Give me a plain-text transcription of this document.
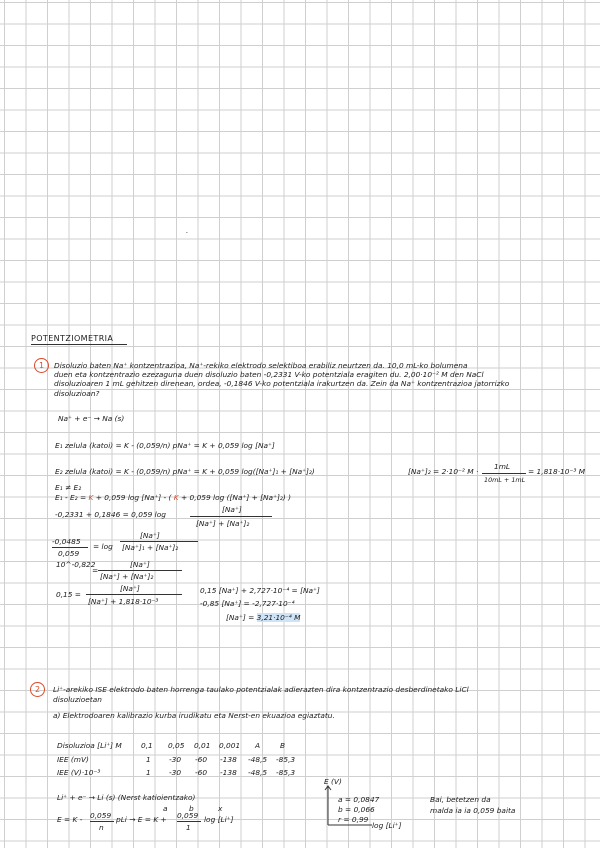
.
POTENTZIOMETRIA
1	Disoluzio baten Na⁺ kontzentrazioa, Na⁺-rekiko elektrodo selektiboa erabiliz neurtzen da. 10,0 mL-ko bolumena
duen eta kontzentrazio ezezaguna duen disoluzio baten -0,2331 V-ko potentziala eragiten du. 2,00·10⁻² M den NaCl
disoluzioaren 1 mL gehitzen direnean, ordea, -0,1846 V-ko potentziala irakurtzen da. Zein da Na⁺ kontzentrazioa jatorrizko
disoluzioan?
Na⁺ + e⁻ → Na (s)
E₁ zelula (katoi) = K - (0,059/n) pNa⁺ = K + 0,059 log [Na⁺]
E₂ zelula (katoi) = K - (0,059/n) pNa⁺ = K + 0,059 log([Na⁺]₁ + [Na⁺]₂)	[Na⁺]₂ = 2·10⁻² M ·
1mL
10mL + 1mL
= 1,818·10⁻³ M
E₁ ≠ E₂
E₁ - E₂ = K + 0,059 log [Na⁺] - ( K + 0,059 log ([Na⁺] + [Na⁺]₂) )
-0,2331 + 0,1846 = 0,059 log
[Na⁺]
[Na⁺] + [Na⁺]₂
-0,0485
0,059
= log
[Na⁺]
[Na⁺]₁ + [Na⁺]₂
10^-0,822
=
[Na⁺]
[Na⁺] + [Na⁺]₂
0,15 =
[Na⁺]
[Na⁺] + 1,818·10⁻³
0,15 [Na⁺] + 2,727·10⁻⁴ = [Na⁺]
-0,85 [Na⁺] = -2,727·10⁻⁴
[Na⁺] = 3,21·10⁻⁴ M
2	Li⁺-arekiko ISE elektrodo baten horrenga taulako potentzialak adierazten dira kontzentrazio desberdinetako LiCl
disoluzioetan
a) Elektrodoaren kalibrazio kurba irudikatu eta Nerst-en ekuazioa egiaztatu.
Disoluzioa [Li⁺] M	0,1 0,05 0,01 0,001 A	B
IEE (mV)	1 -30 -60 -138 -48,5 -85,3
IEE (V)·10⁻³	1 -30 -60 -138 -48,5 -85,3
Li⁺ + e⁻ → Li (s) (Nerst katioientzako)
a	b	x
E = K - 0,059
n
pLi → E = K + 0,059
1
log [Li⁺]
E (V)
log [Li⁺]
a = 0,0847
b = 0,066
r = 0,99
Bai, betetzen da
malda ia ia 0,059 baita
